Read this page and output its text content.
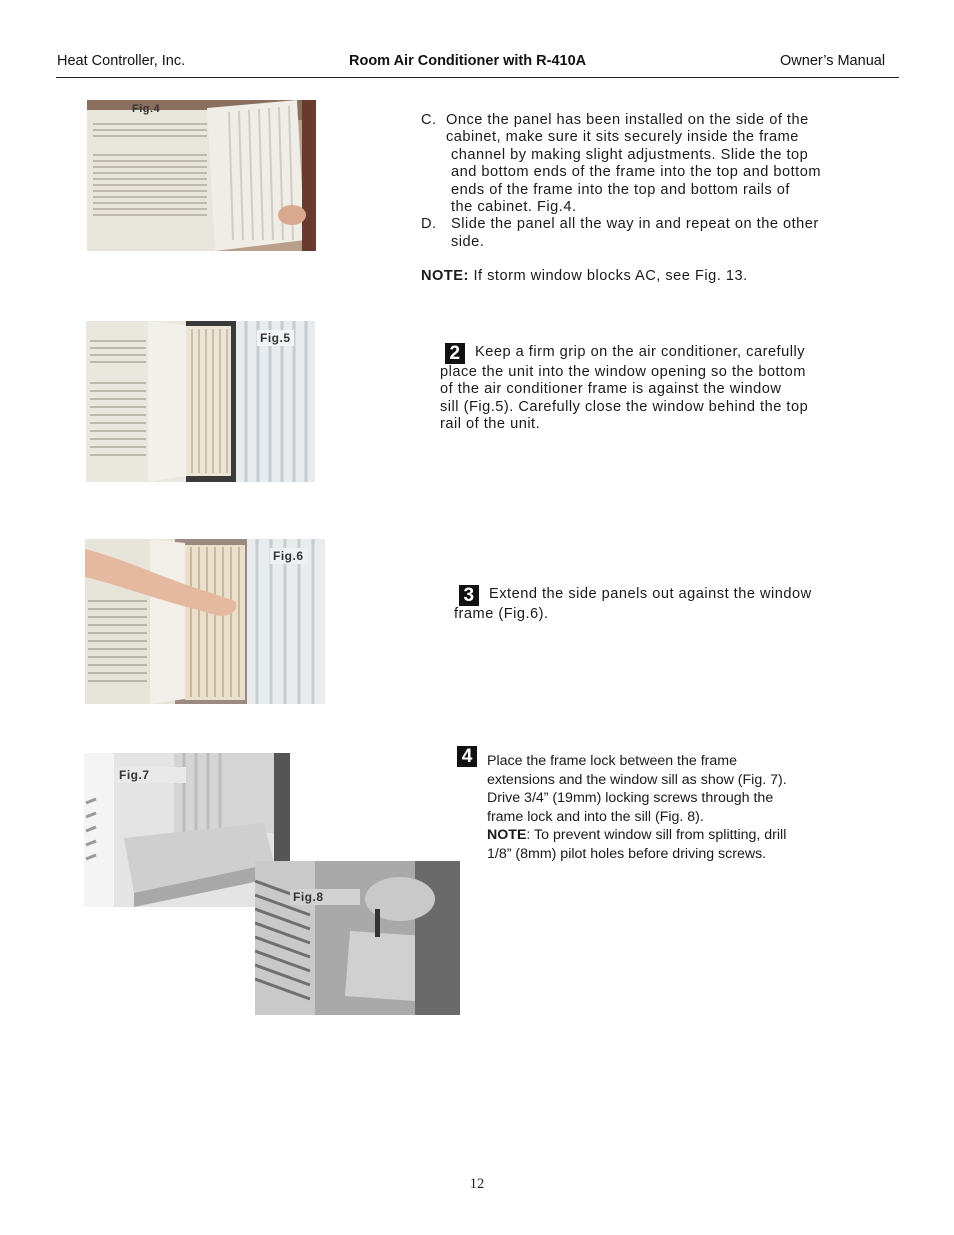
Heat Controller, Inc.	Room Air Conditioner with R-410A	Owner’s Manual
Fig.4
C. Once the panel has been installed on the side of the

cabinet, make sure it sits securely inside the frame

channel by making slight adjustments. Slide the top

and bottom ends of the frame into the top and bottom

ends of the frame into the top and bottom rails of

the cabinet. Fig.4.

D. Slide the panel all the way in and repeat on the other

side.

NOTE: If storm window blocks AC, see Fig. 13.

Fig.5

2 Keep a firm grip on the air conditioner, carefully

place the unit into the window opening so the bottom

of the air conditioner frame is against the window

sill (Fig.5). Carefully close the window behind the top

rail of the unit.

Fig.6

3 Extend the side panels out against the window

frame (Fig.6).

Fig.7
Fig.8
4	Place the frame lock between the frame

extensions and the window sill as show (Fig. 7).

Drive 3/4” (19mm) locking screws through the

frame lock and into the sill (Fig. 8).

NOTE: To prevent window sill from splitting, drill

1/8” (8mm) pilot holes before driving screws.

12
